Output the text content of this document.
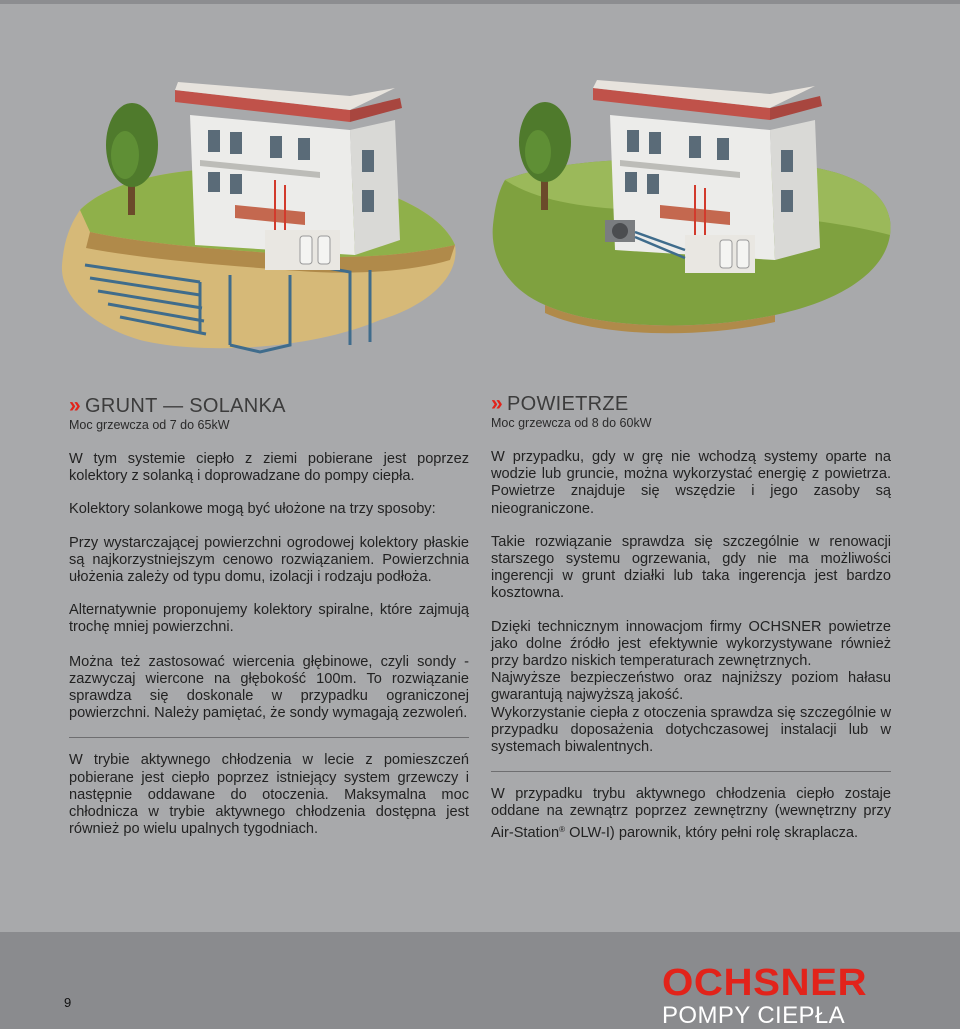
» GRUNT — SOLANKA
Moc grzewcza od 7 do 65kW

W tym systemie ciepło z ziemi pobierane jest poprzez kolektory z solanką i doprowadzane do pompy ciepła.

Kolektory solankowe mogą być ułożone na trzy sposoby:

Przy wystarczającej powierzchni ogrodowej kolektory płaskie są najkorzystniejszym cenowo rozwiązaniem. Powierzchnia ułożenia zależy od typu domu, izolacji i rodzaju podłoża.

Alternatywnie proponujemy kolektory spiralne, które zajmują trochę mniej powierzchni.

Można też zastosować wiercenia głębinowe, czyli sondy - zazwyczaj wiercone na głębokość 100m. To rozwiązanie sprawdza się doskonale w przypadku ograniczonej powierzchni. Należy pamiętać, że sondy wymagają zezwoleń.

W trybie aktywnego chłodzenia w lecie z pomieszczeń pobierane jest ciepło poprzez istniejący system grzewczy i następnie oddawane do otoczenia. Maksymalna moc chłodnicza w trybie aktywnego chłodzenia dostępna jest również po wielu upalnych tygodniach.

» POWIETRZE
Moc grzewcza od 8 do 60kW

W przypadku, gdy w grę nie wchodzą systemy oparte na wodzie lub gruncie, można wykorzystać energię z powietrza. Powietrze znajduje się wszędzie i jego zasoby są nieograniczone.

Takie rozwiązanie sprawdza się szczególnie w renowacji starszego systemu ogrzewania, gdy nie ma możliwości ingerencji w grunt działki lub taka ingerencja jest bardzo kosztowna.

Dzięki technicznym innowacjom firmy OCHSNER powietrze jako dolne źródło jest efektywnie wykorzystywane również przy bardzo niskich temperaturach zewnętrznych.

Najwyższe bezpieczeństwo oraz najniższy poziom hałasu gwarantują najwyższą jakość.

Wykorzystanie ciepła z otoczenia sprawdza się szczególnie w przypadku doposażenia dotychczasowej instalacji lub w systemach biwalentnych.

W przypadku trybu aktywnego chłodzenia ciepło zostaje oddane na zewnątrz poprzez zewnętrzny (wewnętrzny przy Air-Station® OLW-I) parownik, który pełni rolę skraplacza.

9	OCHSNER
POMPY CIEPŁA
